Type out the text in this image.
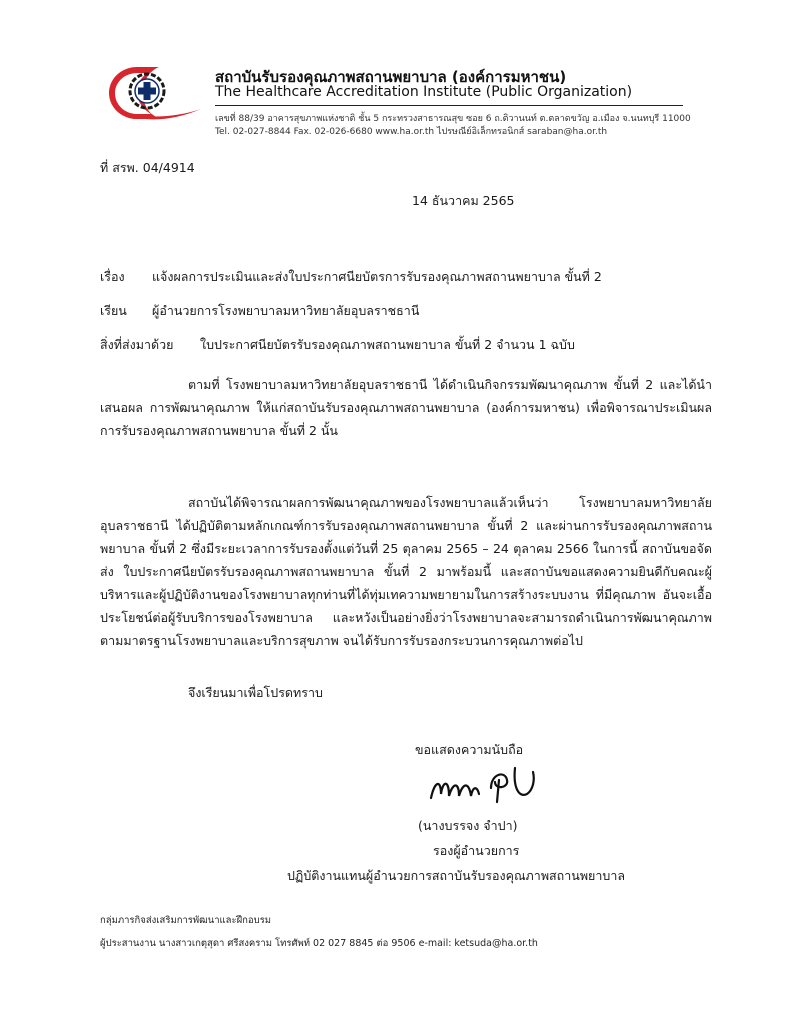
สถาบันรับรองคุณภาพสถานพยาบาล (องค์การมหาชน)
The Healthcare Accreditation Institute (Public Organization)
เลขที่ 88/39 อาคารสุขภาพแห่งชาติ ชั้น 5 กระทรวงสาธารณสุข ซอย 6 ถ.ติวานนท์ ต.ตลาดขวัญ อ.เมือง จ.นนทบุรี 11000
Tel. 02-027-8844 Fax. 02-026-6680 www.ha.or.th ไปรษณีย์อิเล็กทรอนิกส์ saraban@ha.or.th
ที่ สรพ. 04/4914
14 ธันวาคม 2565
เรื่อง แจ้งผลการประเมินและส่งใบประกาศนียบัตรการรับรองคุณภาพสถานพยาบาล ขั้นที่ 2
เรียน ผู้อำนวยการโรงพยาบาลมหาวิทยาลัยอุบลราชธานี
สิ่งที่ส่งมาด้วย ใบประกาศนียบัตรรับรองคุณภาพสถานพยาบาล ขั้นที่ 2 จำนวน 1 ฉบับ

ตามที่ โรงพยาบาลมหาวิทยาลัยอุบลราชธานี ได้ดำเนินกิจกรรมพัฒนาคุณภาพ ขั้นที่ 2 และได้นำเสนอผล การพัฒนาคุณภาพ ให้แก่สถาบันรับรองคุณภาพสถานพยาบาล (องค์การมหาชน) เพื่อพิจารณาประเมินผลการรับรองคุณภาพสถานพยาบาล ขั้นที่ 2 นั้น

สถาบันได้พิจารณาผลการพัฒนาคุณภาพของโรงพยาบาลแล้วเห็นว่า โรงพยาบาลมหาวิทยาลัยอุบลราชธานี ได้ปฏิบัติตามหลักเกณฑ์การรับรองคุณภาพสถานพยาบาล ขั้นที่ 2 และผ่านการรับรองคุณภาพสถานพยาบาล ขั้นที่ 2 ซึ่งมีระยะเวลาการรับรองตั้งแต่วันที่ 25 ตุลาคม 2565 – 24 ตุลาคม 2566 ในการนี้ สถาบันขอจัดส่ง ใบประกาศนียบัตรรับรองคุณภาพสถานพยาบาล ขั้นที่ 2 มาพร้อมนี้ และสถาบันขอแสดงความยินดีกับคณะผู้บริหารและผู้ปฏิบัติงานของโรงพยาบาลทุกท่านที่ได้ทุ่มเทความพยายามในการสร้างระบบงาน ที่มีคุณภาพ อันจะเอื้อประโยชน์ต่อผู้รับบริการของโรงพยาบาล และหวังเป็นอย่างยิ่งว่าโรงพยาบาลจะสามารถดำเนินการพัฒนาคุณภาพตามมาตรฐานโรงพยาบาลและบริการสุขภาพ จนได้รับการรับรองกระบวนการคุณภาพต่อไป

จึงเรียนมาเพื่อโปรดทราบ
ขอแสดงความนับถือ
(นางบรรจง จำปา)
รองผู้อำนวยการ
ปฏิบัติงานแทนผู้อำนวยการสถาบันรับรองคุณภาพสถานพยาบาล
กลุ่มภารกิจส่งเสริมการพัฒนาและฝึกอบรม
ผู้ประสานงาน นางสาวเกตุสุดา ศรีสงคราม โทรศัพท์ 02 027 8845 ต่อ 9506 e-mail: ketsuda@ha.or.th
